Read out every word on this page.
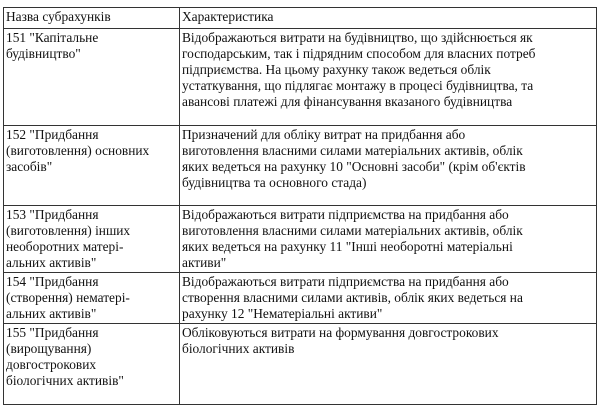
Назва субрахунків	Характеристика
151 "Капітальне
будівництво"	Відображаються витрати на будівництво, що здійснюється як
господарським, так і підрядним способом для власних потреб
підприємства. На цьому рахунку також ведеться облік
устаткування, що підлягає монтажу в процесі будівництва, та
авансові платежі для фінансування вказаного будівництва
152 "Придбання
(виготовлення) основних
засобів"	Призначений для обліку витрат на придбання або
виготовлення власними силами матеріальних активів, облік
яких ведеться на рахунку 10 "Основні засоби" (крім об'єктів
будівництва та основного стада)
153 "Придбання
(виготовлення) інших
необоротних матері-
альних активів"	Відображаються витрати підприємства на придбання або
виготовлення власними силами матеріальних активів, облік
яких ведеться на рахунку 11 "Інші необоротні матеріальні
активи"
154 "Придбання
(створення) нематері-
альних активів"	Відображаються витрати підприємства на придбання або
створення власними силами активів, облік яких ведеться на
рахунку 12 "Нематеріальні активи"
155 "Придбання
(вирощування)
довгострокових
біологічних активів"	Обліковуються витрати на формування довгострокових
біологічних активів
